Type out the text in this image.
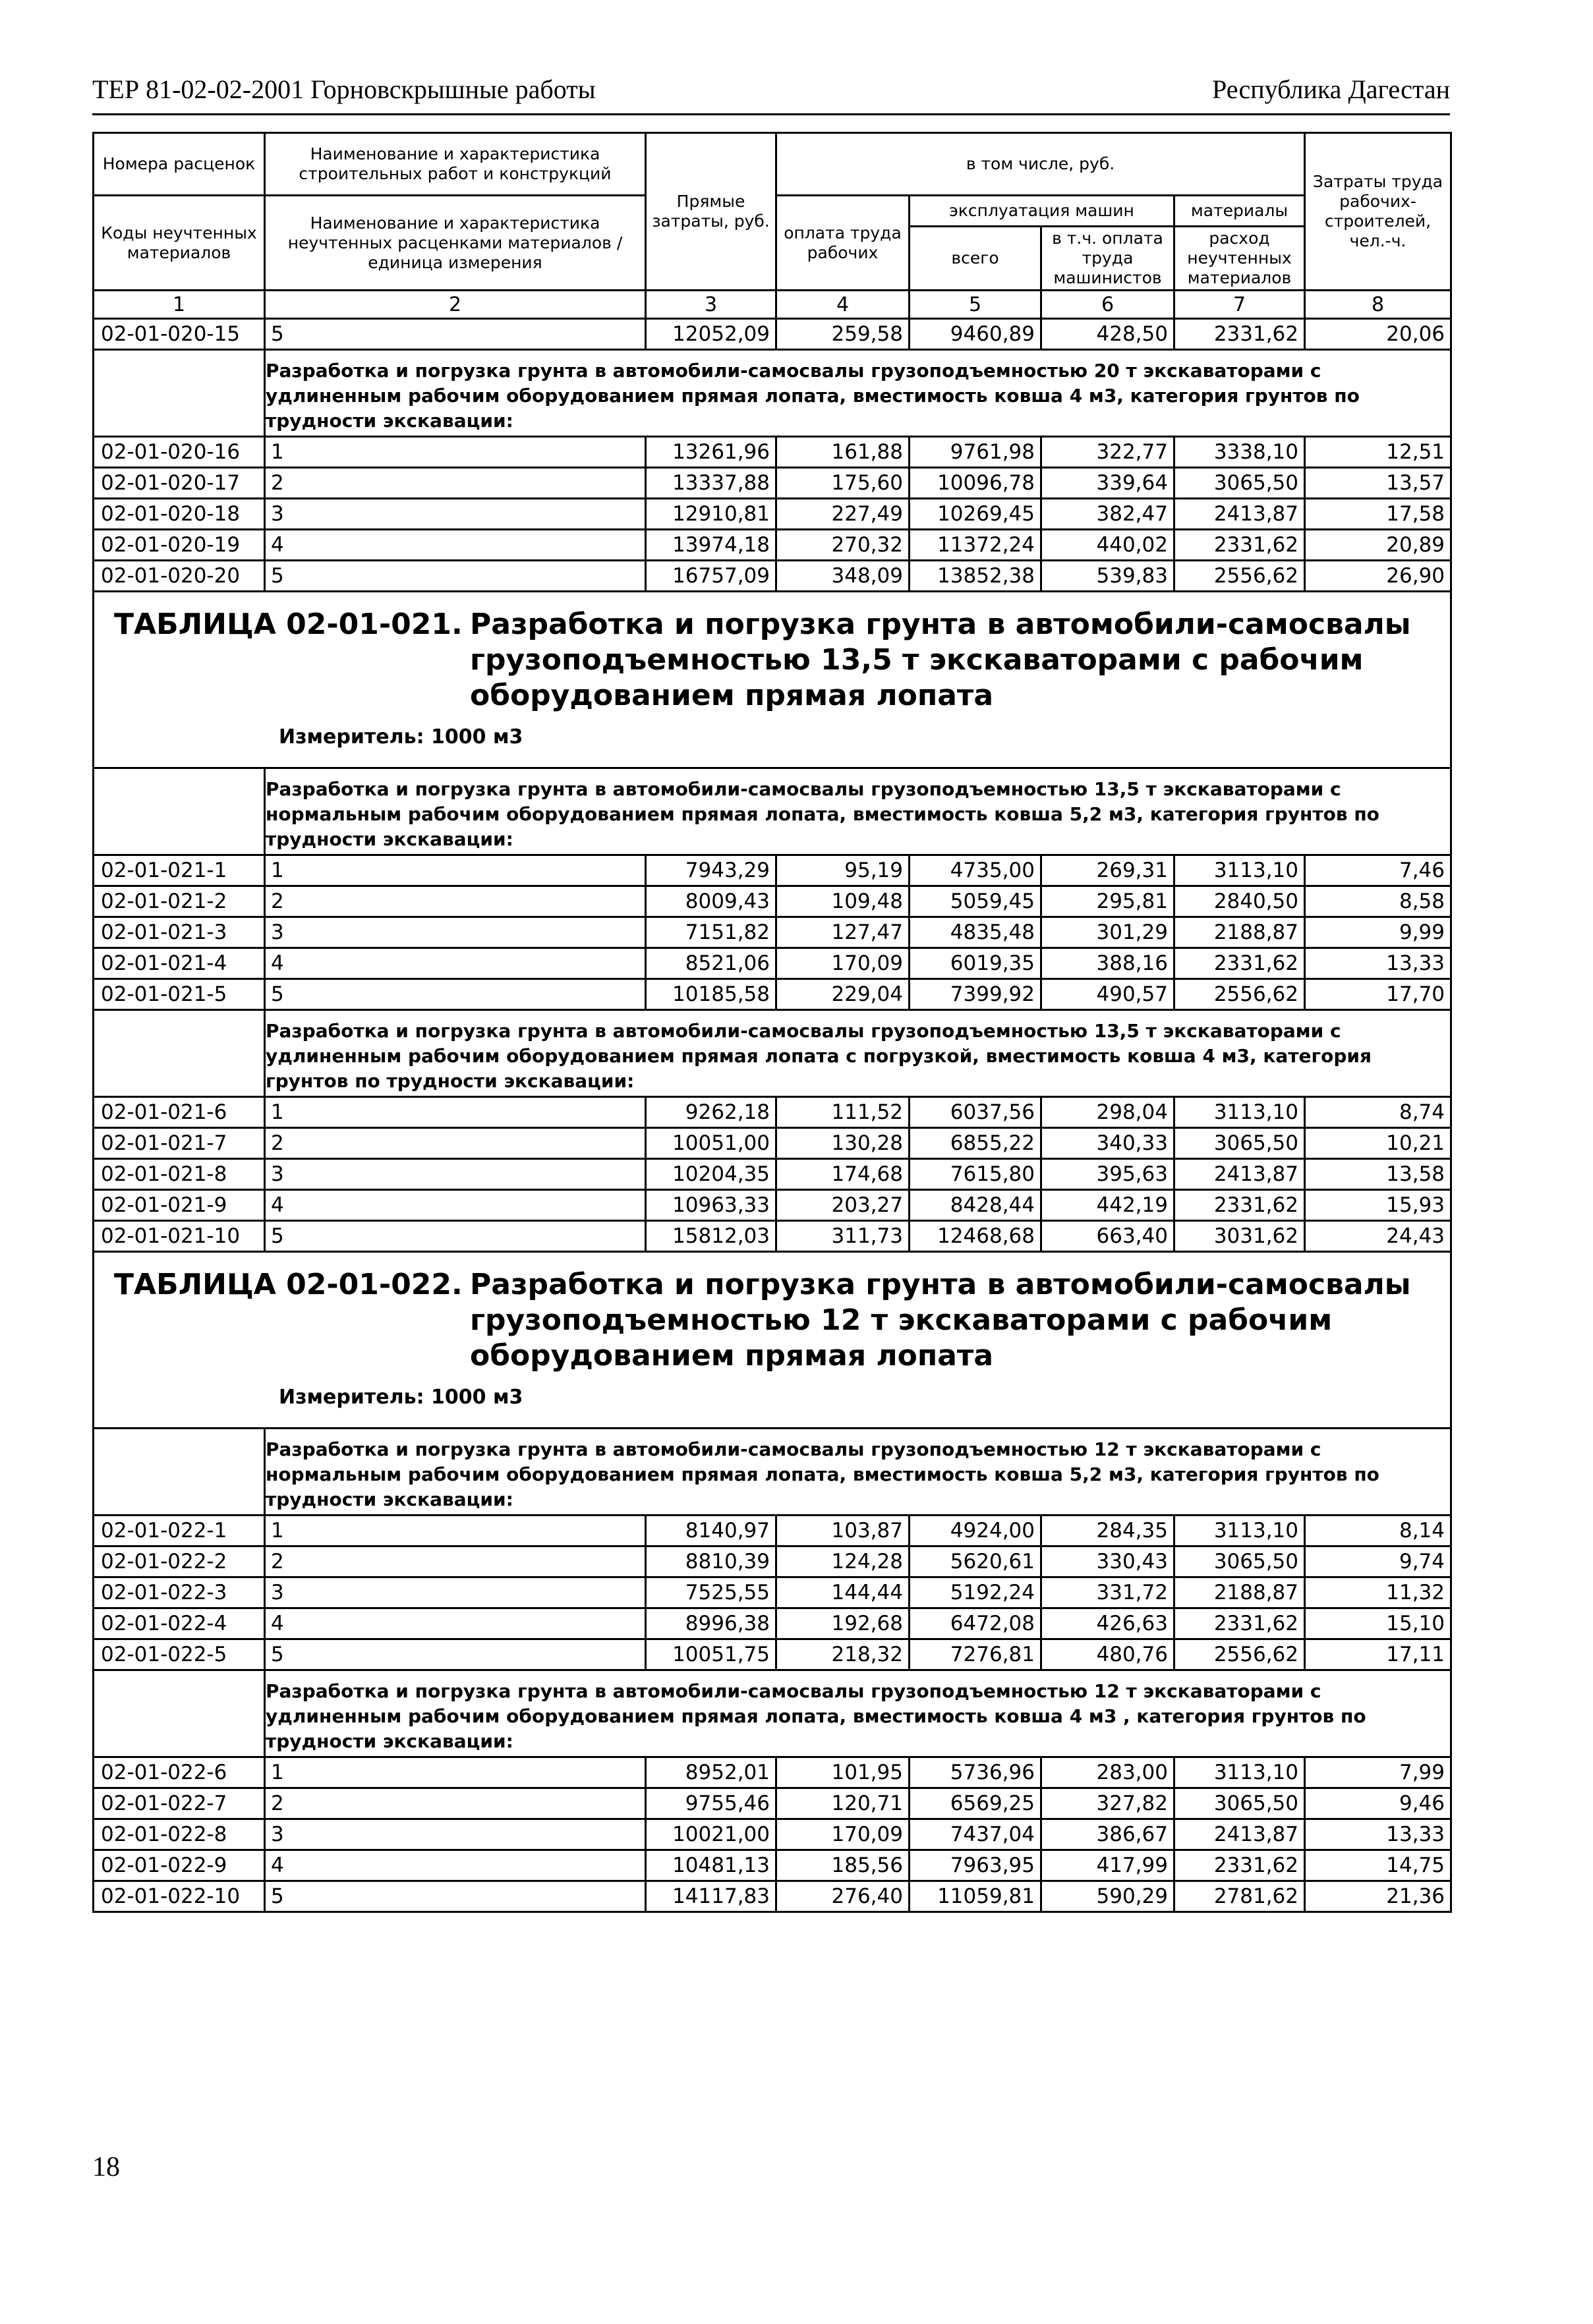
ТЕР 81-02-02-2001 Горновскрышные работы	Республика Дагестан
Номера расценок	Наименование и характеристика строительных работ и конструкций	Прямые затраты, руб.	в том числе, руб.				Затраты труда рабочих-строителей, чел.-ч.
Коды неучтенных материалов	Наименование и характеристика неучтенных расценками материалов / единица измерения		оплата труда рабочих	эксплуатация машин		материалы	
				всего	в т.ч. оплата труда машинистов	расход неучтенных материалов	
1	2	3	4	5	6	7	8
02-01-020-15	5	12052,09	259,58	9460,89	428,50	2331,62	20,06
	Разработка и погрузка грунта в автомобили-самосвалы грузоподъемностью 20 т экскаваторами с удлиненным рабочим оборудованием прямая лопата, вместимость ковша 4 м3, категория грунтов по трудности экскавации:						
02-01-020-16	1	13261,96	161,88	9761,98	322,77	3338,10	12,51
02-01-020-17	2	13337,88	175,60	10096,78	339,64	3065,50	13,57
02-01-020-18	3	12910,81	227,49	10269,45	382,47	2413,87	17,58
02-01-020-19	4	13974,18	270,32	11372,24	440,02	2331,62	20,89
02-01-020-20	5	16757,09	348,09	13852,38	539,83	2556,62	26,90

ТАБЛИЦА 02-01-021. Разработка и погрузка грунта в автомобили-самосвалы грузоподъемностью 13,5 т экскаваторами с рабочим оборудованием прямая лопата
Измеритель: 1000 м3							

	Разработка и погрузка грунта в автомобили-самосвалы грузоподъемностью 13,5 т экскаваторами с нормальным рабочим оборудованием прямая лопата, вместимость ковша 5,2 м3, категория грунтов по трудности экскавации:						
02-01-021-1	1	7943,29	95,19	4735,00	269,31	3113,10	7,46
02-01-021-2	2	8009,43	109,48	5059,45	295,81	2840,50	8,58
02-01-021-3	3	7151,82	127,47	4835,48	301,29	2188,87	9,99
02-01-021-4	4	8521,06	170,09	6019,35	388,16	2331,62	13,33
02-01-021-5	5	10185,58	229,04	7399,92	490,57	2556,62	17,70
	Разработка и погрузка грунта в автомобили-самосвалы грузоподъемностью 13,5 т экскаваторами с удлиненным рабочим оборудованием прямая лопата с погрузкой, вместимость ковша 4 м3, категория грунтов по трудности экскавации:						
02-01-021-6	1	9262,18	111,52	6037,56	298,04	3113,10	8,74
02-01-021-7	2	10051,00	130,28	6855,22	340,33	3065,50	10,21
02-01-021-8	3	10204,35	174,68	7615,80	395,63	2413,87	13,58
02-01-021-9	4	10963,33	203,27	8428,44	442,19	2331,62	15,93
02-01-021-10	5	15812,03	311,73	12468,68	663,40	3031,62	24,43

ТАБЛИЦА 02-01-022. Разработка и погрузка грунта в автомобили-самосвалы грузоподъемностью 12 т экскаваторами с рабочим оборудованием прямая лопата
Измеритель: 1000 м3							

	Разработка и погрузка грунта в автомобили-самосвалы грузоподъемностью 12 т экскаваторами с нормальным рабочим оборудованием прямая лопата, вместимость ковша 5,2 м3, категория грунтов по трудности экскавации:						
02-01-022-1	1	8140,97	103,87	4924,00	284,35	3113,10	8,14
02-01-022-2	2	8810,39	124,28	5620,61	330,43	3065,50	9,74
02-01-022-3	3	7525,55	144,44	5192,24	331,72	2188,87	11,32
02-01-022-4	4	8996,38	192,68	6472,08	426,63	2331,62	15,10
02-01-022-5	5	10051,75	218,32	7276,81	480,76	2556,62	17,11
	Разработка и погрузка грунта в автомобили-самосвалы грузоподъемностью 12 т экскаваторами с удлиненным рабочим оборудованием прямая лопата, вместимость ковша 4 м3 , категория грунтов по трудности экскавации:						
02-01-022-6	1	8952,01	101,95	5736,96	283,00	3113,10	7,99
02-01-022-7	2	9755,46	120,71	6569,25	327,82	3065,50	9,46
02-01-022-8	3	10021,00	170,09	7437,04	386,67	2413,87	13,33
02-01-022-9	4	10481,13	185,56	7963,95	417,99	2331,62	14,75
02-01-022-10	5	14117,83	276,40	11059,81	590,29	2781,62	21,36
18
